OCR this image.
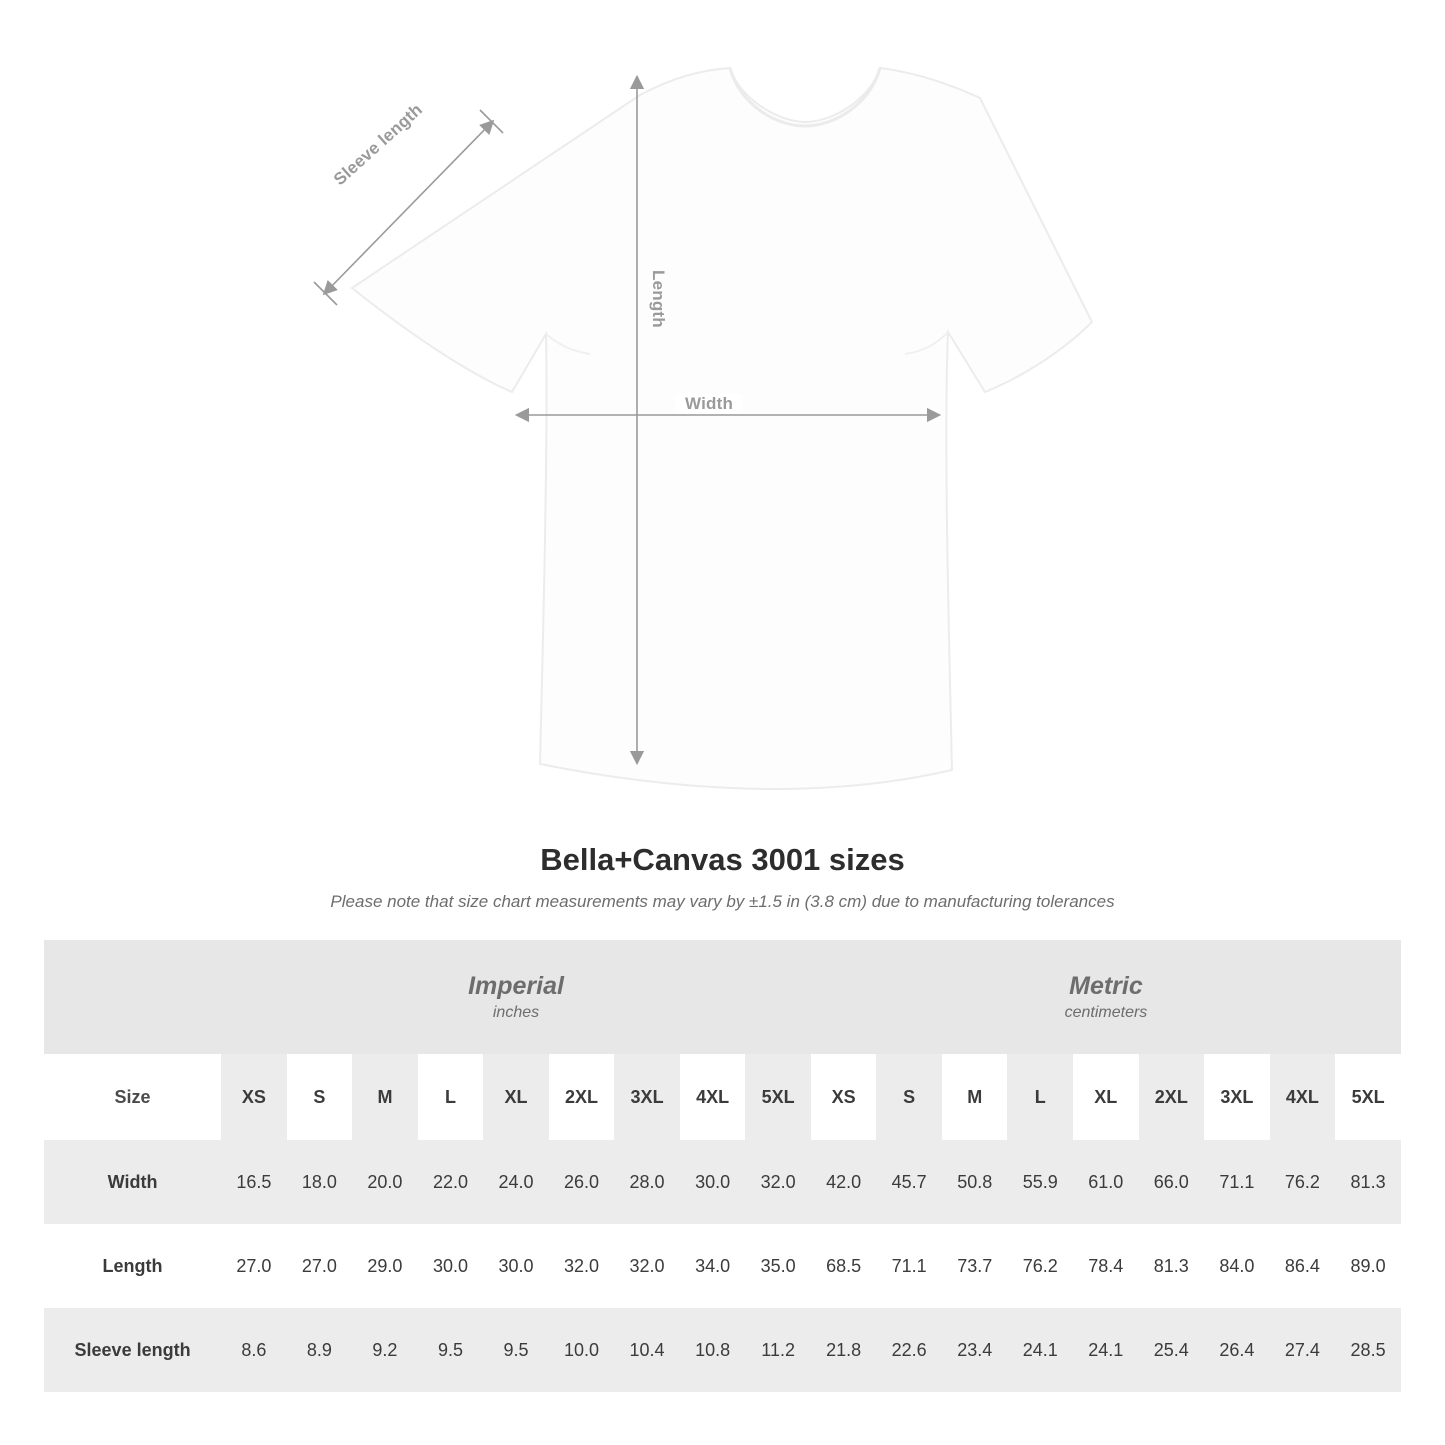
Sleeve length
Length
Width
Bella+Canvas 3001 sizes

Please note that size chart measurements may vary by ±1.5 in (3.8 cm) due to manufacturing tolerances

	Imperial
inches									Metric
centimeters								

Size	XS	S	M	L	XL	2XL	3XL	4XL	5XL	XS	S	M	L	XL	2XL	3XL	4XL	5XL
Width	16.5	18.0	20.0	22.0	24.0	26.0	28.0	30.0	32.0	42.0	45.7	50.8	55.9	61.0	66.0	71.1	76.2	81.3
Length	27.0	27.0	29.0	30.0	30.0	32.0	32.0	34.0	35.0	68.5	71.1	73.7	76.2	78.4	81.3	84.0	86.4	89.0
Sleeve length	8.6	8.9	9.2	9.5	9.5	10.0	10.4	10.8	11.2	21.8	22.6	23.4	24.1	24.1	25.4	26.4	27.4	28.5
